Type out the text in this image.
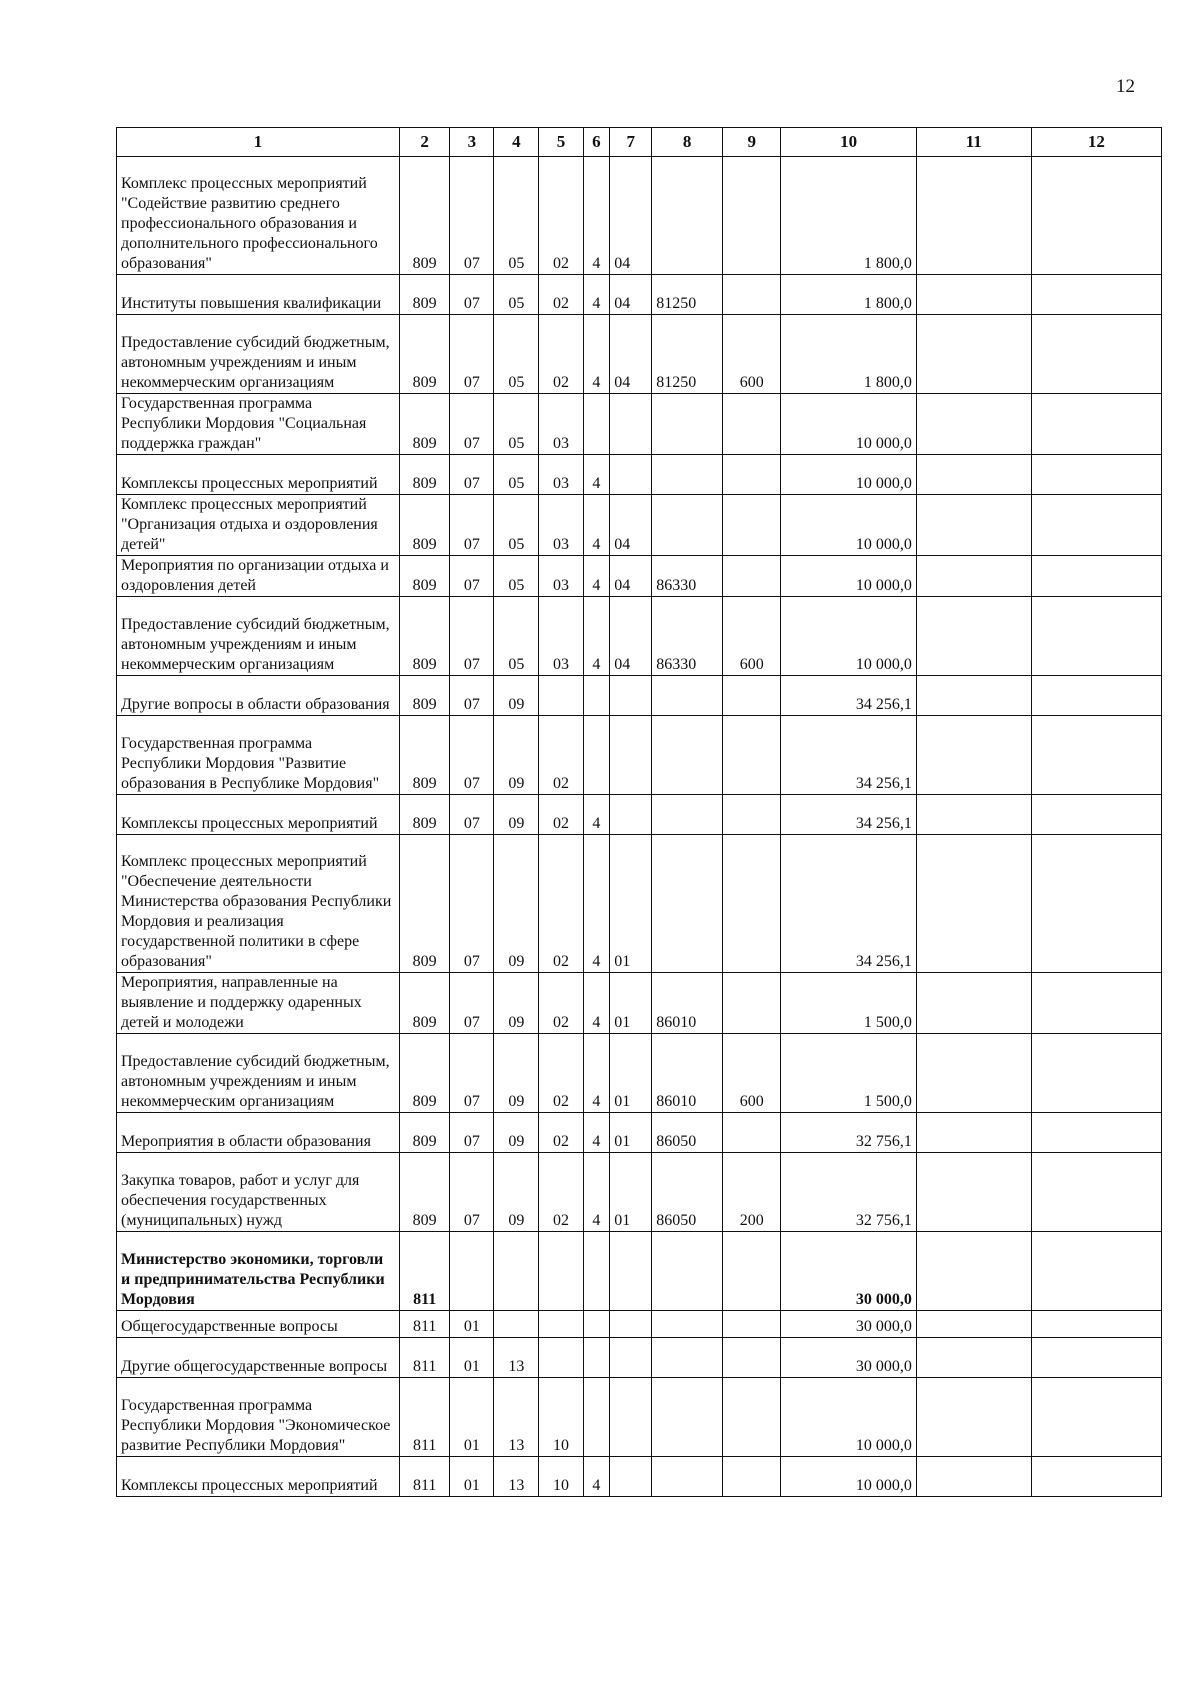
12
1	2	3	4	5	6	7	8	9	10	11	12
Комплекс процессных мероприятий "Содействие развитию среднего профессионального образования и дополнительного профессионального образования"	809	07	05	02	4	04			1 800,0		
Институты повышения квалификации	809	07	05	02	4	04	81250		1 800,0		
Предоставление субсидий бюджетным, автономным учреждениям и иным некоммерческим организациям	809	07	05	02	4	04	81250	600	1 800,0		
Государственная программа Республики Мордовия "Социальная поддержка граждан"	809	07	05	03					10 000,0		
Комплексы процессных мероприятий	809	07	05	03	4				10 000,0		
Комплекс процессных мероприятий "Организация отдыха и оздоровления детей"	809	07	05	03	4	04			10 000,0		
Мероприятия по организации отдыха и оздоровления детей	809	07	05	03	4	04	86330		10 000,0		
Предоставление субсидий бюджетным, автономным учреждениям и иным некоммерческим организациям	809	07	05	03	4	04	86330	600	10 000,0		
Другие вопросы в области образования	809	07	09						34 256,1		
Государственная программа Республики Мордовия "Развитие образования в Республике Мордовия"	809	07	09	02					34 256,1		
Комплексы процессных мероприятий	809	07	09	02	4				34 256,1		
Комплекс процессных мероприятий "Обеспечение деятельности Министерства образования Республики Мордовия и реализация государственной политики в сфере образования"	809	07	09	02	4	01			34 256,1		
Мероприятия, направленные на выявление и поддержку одаренных детей и молодежи	809	07	09	02	4	01	86010		1 500,0		
Предоставление субсидий бюджетным, автономным учреждениям и иным некоммерческим организациям	809	07	09	02	4	01	86010	600	1 500,0		
Мероприятия в области образования	809	07	09	02	4	01	86050		32 756,1		
Закупка товаров, работ и услуг для обеспечения государственных (муниципальных) нужд	809	07	09	02	4	01	86050	200	32 756,1		
Министерство экономики, торговли и предпринимательства Республики Мордовия	811								30 000,0		
Общегосударственные вопросы	811	01							30 000,0		
Другие общегосударственные вопросы	811	01	13						30 000,0		
Государственная программа Республики Мордовия "Экономическое развитие Республики Мордовия"	811	01	13	10					10 000,0		
Комплексы процессных мероприятий	811	01	13	10	4				10 000,0		
